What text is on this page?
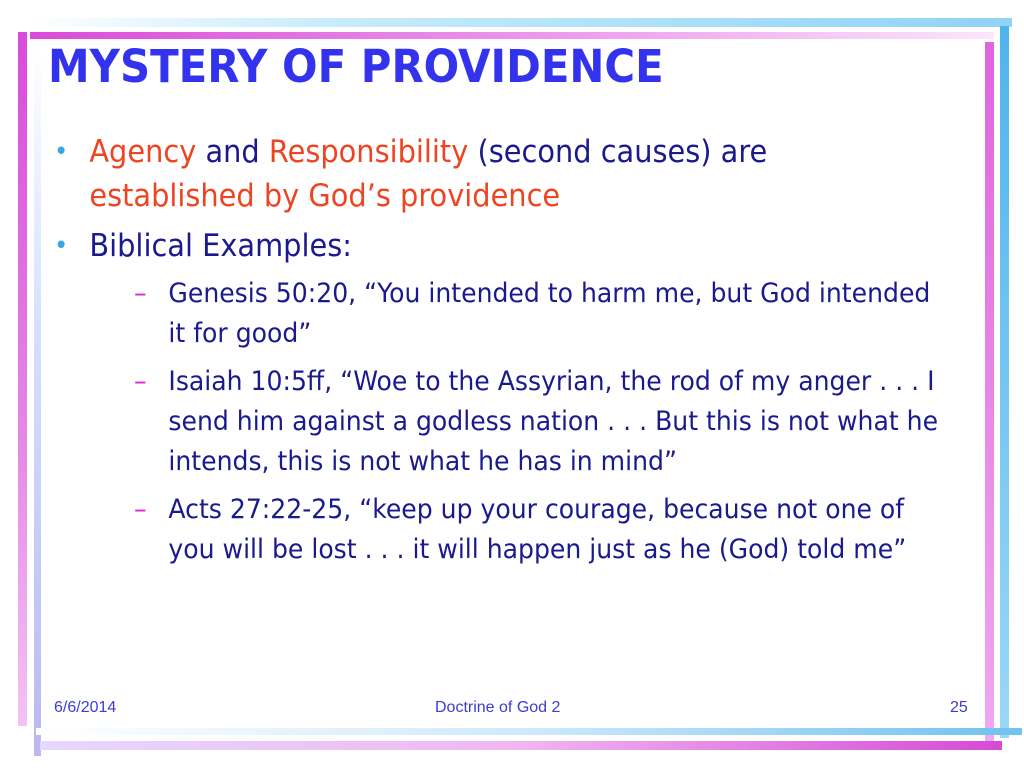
MYSTERY OF PROVIDENCE
• Agency and Responsibility (second causes) are established by God’s providence
• Biblical Examples:
– Genesis 50:20, “You intended to harm me, but God intended it for good”
– Isaiah 10:5ff, “Woe to the Assyrian, the rod of my anger . . . I send him against a godless nation . . . But this is not what he intends, this is not what he has in mind”
– Acts 27:22-25, “keep up your courage, because not one of you will be lost . . . it will happen just as he (God) told me”
6/6/2014	Doctrine of God 2	25
